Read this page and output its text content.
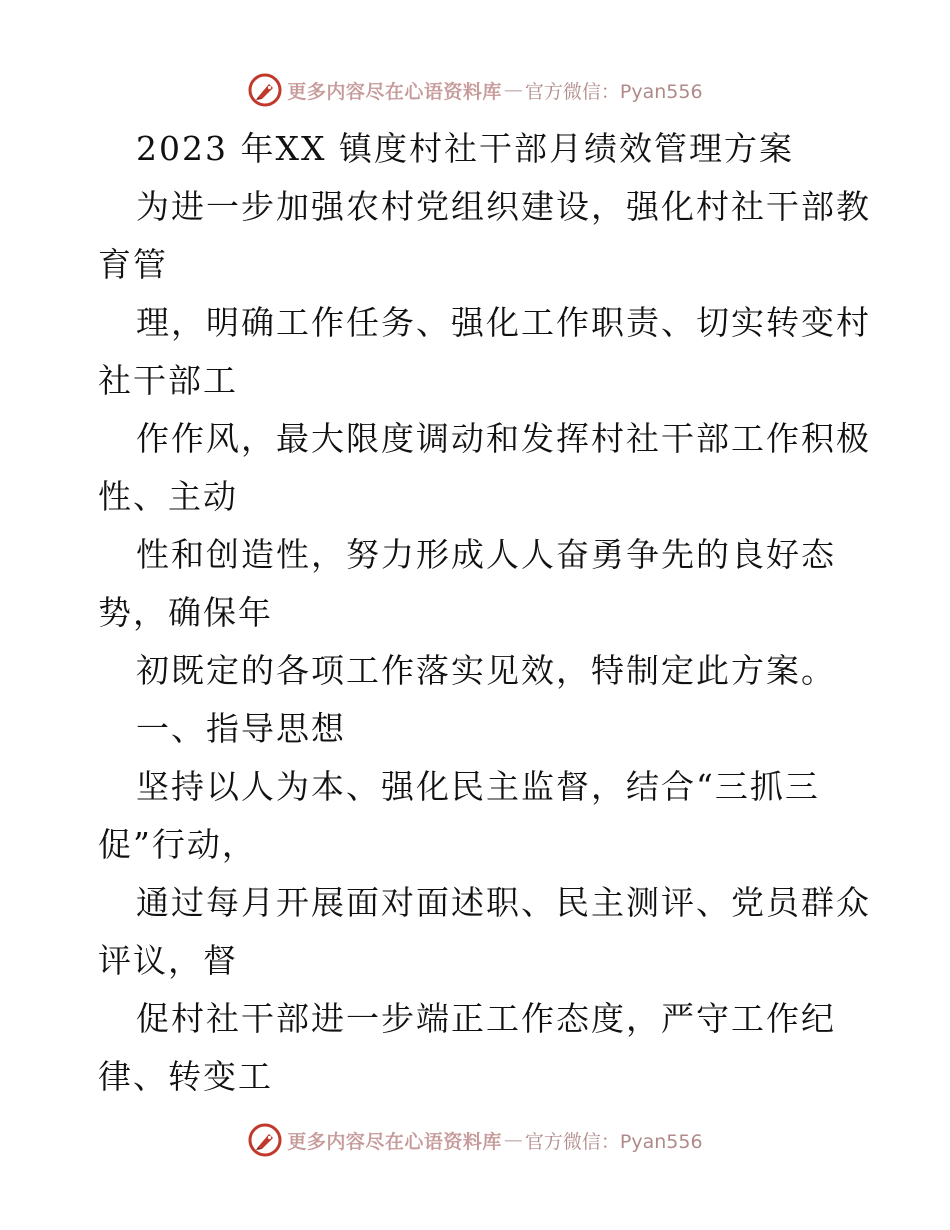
更多内容尽在心语资料库 — 官方微信：Pyan556
2023 年XX 镇度村社干部月绩效管理方案
为进一步加强农村党组织建设，强化村社干部教
育管
理，明确工作任务、强化工作职责、切实转变村
社干部工
作作风，最大限度调动和发挥村社干部工作积极
性、主动
性和创造性，努力形成人人奋勇争先的良好态
势，确保年
初既定的各项工作落实见效，特制定此方案。
一、指导思想
坚持以人为本、强化民主监督，结合“三抓三
促”行动，
通过每月开展面对面述职、民主测评、党员群众
评议，督
促村社干部进一步端正工作态度，严守工作纪
律、转变工
更多内容尽在心语资料库 — 官方微信：Pyan556
